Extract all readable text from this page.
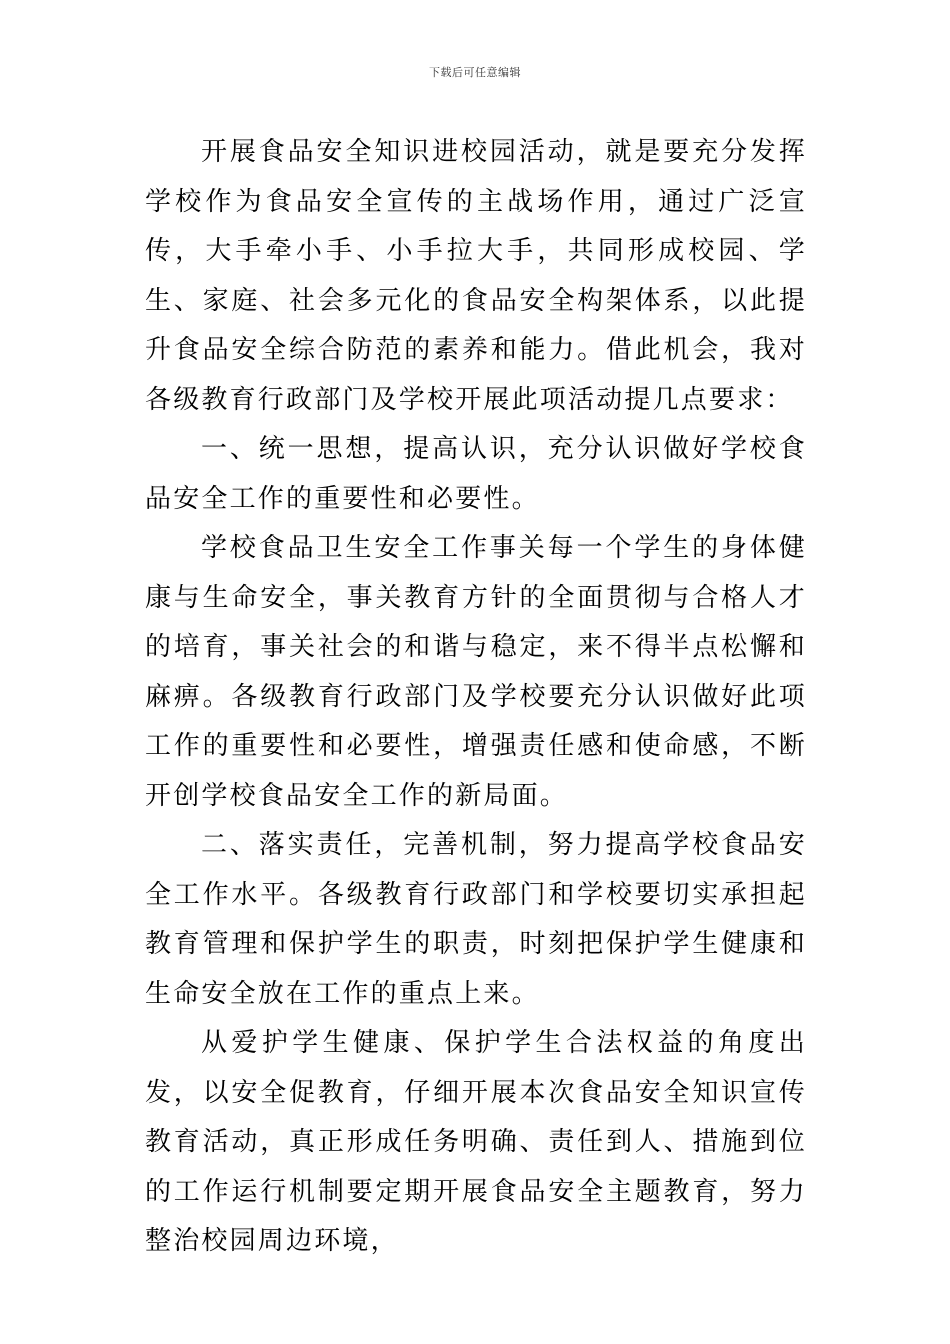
下载后可任意编辑

开展食品安全知识进校园活动，就是要充分发挥学校作为食品安全宣传的主战场作用，通过广泛宣传，大手牵小手、小手拉大手，共同形成校园、学生、家庭、社会多元化的食品安全构架体系，以此提升食品安全综合防范的素养和能力。借此机会，我对各级教育行政部门及学校开展此项活动提几点要求：

一、统一思想，提高认识，充分认识做好学校食品安全工作的重要性和必要性。

学校食品卫生安全工作事关每一个学生的身体健康与生命安全，事关教育方针的全面贯彻与合格人才的培育，事关社会的和谐与稳定，来不得半点松懈和麻痹。各级教育行政部门及学校要充分认识做好此项工作的重要性和必要性，增强责任感和使命感，不断开创学校食品安全工作的新局面。

二、落实责任，完善机制，努力提高学校食品安全工作水平。各级教育行政部门和学校要切实承担起教育管理和保护学生的职责，时刻把保护学生健康和生命安全放在工作的重点上来。

从爱护学生健康、保护学生合法权益的角度出发，以安全促教育，仔细开展本次食品安全知识宣传教育活动，真正形成任务明确、责任到人、措施到位的工作运行机制要定期开展食品安全主题教育，努力整治校园周边环境，
